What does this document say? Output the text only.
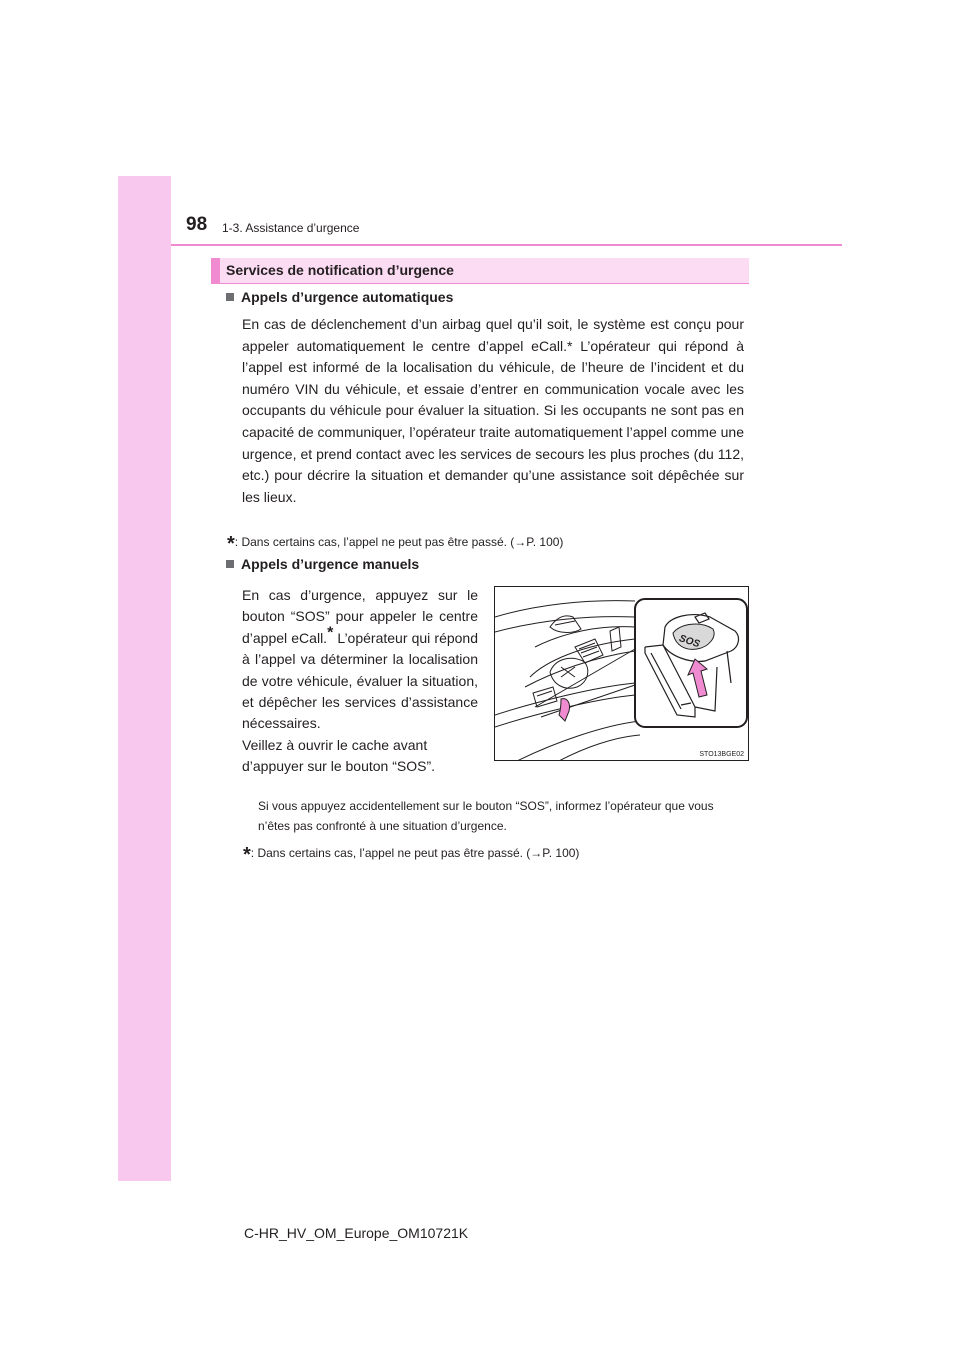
98 1-3. Assistance d’urgence
Services de notification d’urgence
Appels d’urgence automatiques
En cas de déclenchement d’un airbag quel qu’il soit, le système est conçu pour appeler automatiquement le centre d’appel eCall.* L’opérateur qui répond à l’appel est informé de la localisation du véhicule, de l’heure de l’incident et du numéro VIN du véhicule, et essaie d’entrer en communication vocale avec les occupants du véhicule pour évaluer la situation. Si les occupants ne sont pas en capacité de communiquer, l’opérateur traite automatiquement l’appel comme une urgence, et prend contact avec les services de secours les plus proches (du 112, etc.) pour décrire la situation et demander qu’une assistance soit dépêchée sur les lieux.
*: Dans certains cas, l’appel ne peut pas être passé. (→P. 100)
Appels d’urgence manuels
En cas d’urgence, appuyez sur le bouton “SOS” pour appeler le centre d’appel eCall.* L’opérateur qui répond à l’appel va déterminer la localisation de votre véhicule, évaluer la situation, et dépêcher les services d’assistance nécessaires.

Veillez à ouvrir le cache avant d’appuyer sur le bouton “SOS”.
SOS
STO13BGE02
Si vous appuyez accidentellement sur le bouton “SOS”, informez l’opérateur que vous n’êtes pas confronté à une situation d’urgence.
*: Dans certains cas, l’appel ne peut pas être passé. (→P. 100)
C-HR_HV_OM_Europe_OM10721K
